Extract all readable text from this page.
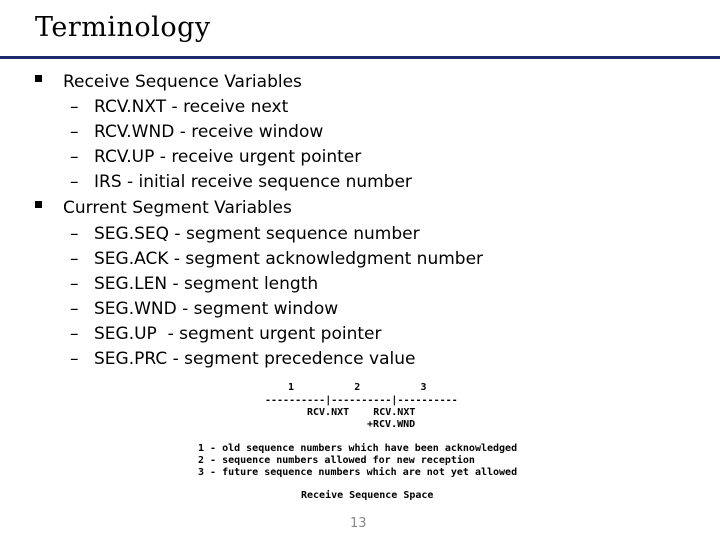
Terminology
Receive Sequence Variables
– RCV.NXT - receive next
– RCV.WND - receive window
– RCV.UP - receive urgent pointer
– IRS - initial receive sequence number
Current Segment Variables
– SEG.SEQ - segment sequence number
– SEG.ACK - segment acknowledgment number
– SEG.LEN - segment length
– SEG.WND - segment window

–

SEG.UP  - segment urgent pointer

– SEG.PRC - segment precedence value
1          2          3
----------|----------|----------
RCV.NXT    RCV.NXT
+RCV.WND
1 - old sequence numbers which have been acknowledged
2 - sequence numbers allowed for new reception
3 - future sequence numbers which are not yet allowed
Receive Sequence Space
13
